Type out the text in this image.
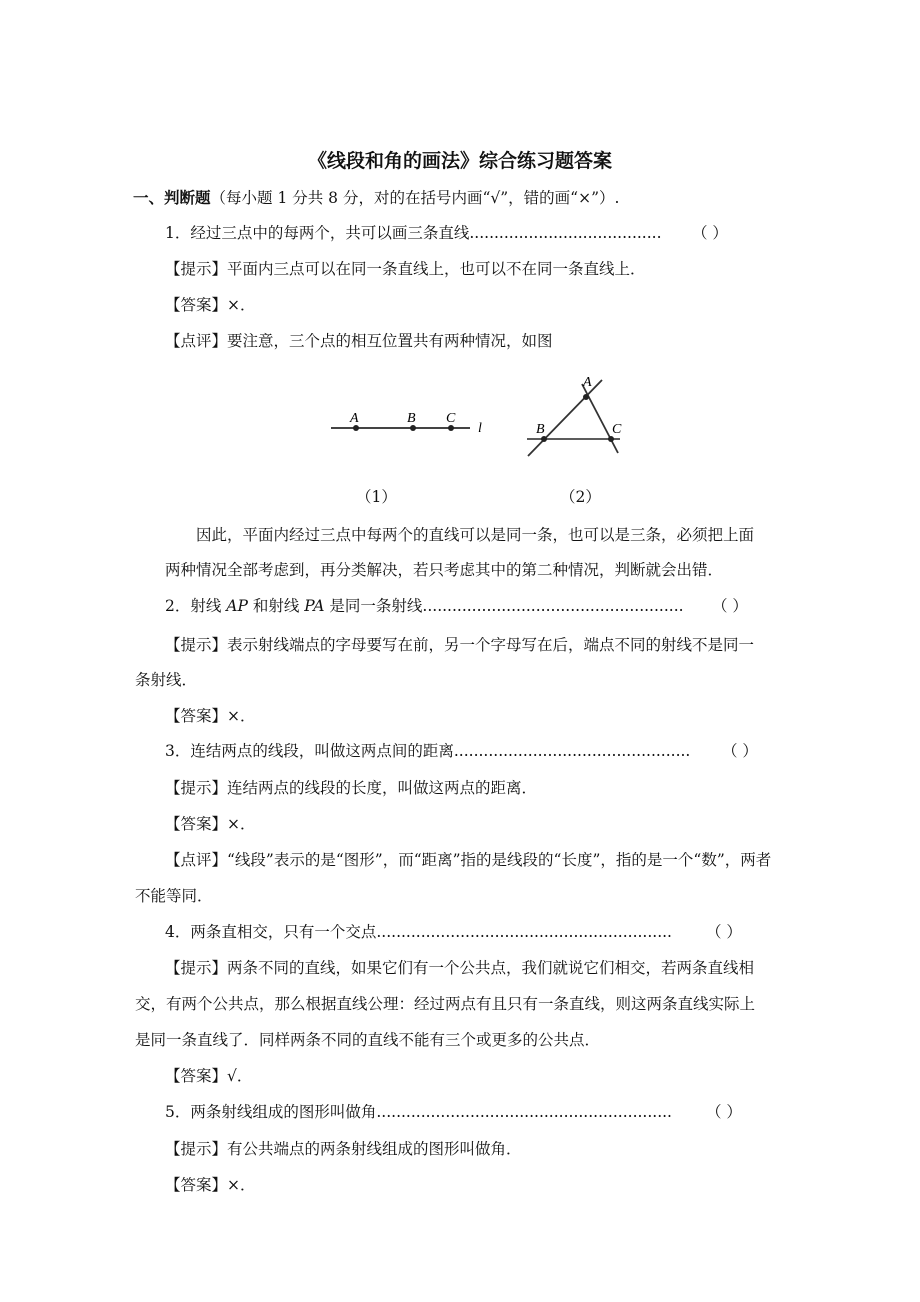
《线段和角的画法》综合练习题答案
一、判断题（每小题 1 分共 8 分，对的在括号内画“√”，错的画“×”）.
1．经过三点中的每两个，共可以画三条直线....................................... （ ）
【提示】平面内三点可以在同一条直线上，也可以不在同一条直线上．
【答案】×．
【点评】要注意，三个点的相互位置共有两种情况，如图
A	B C
l
A
B	C
（1）	（2）
因此，平面内经过三点中每两个的直线可以是同一条，也可以是三条，必须把上面
两种情况全部考虑到，再分类解决，若只考虑其中的第二种情况，判断就会出错．
2．射线 AP 和射线 PA 是同一条射线..................................................... （ ）
【提示】表示射线端点的字母要写在前，另一个字母写在后，端点不同的射线不是同一
条射线．
【答案】×．
3．连结两点的线段，叫做这两点间的距离................................................ （ ）
【提示】连结两点的线段的长度，叫做这两点的距离．
【答案】×．
【点评】“线段”表示的是“图形”，而“距离”指的是线段的“长度”，指的是一个“数”，两者
不能等同．
4．两条直相交，只有一个交点............................................................ （ ）
【提示】两条不同的直线，如果它们有一个公共点，我们就说它们相交，若两条直线相
交，有两个公共点，那么根据直线公理：经过两点有且只有一条直线，则这两条直线实际上
是同一条直线了．同样两条不同的直线不能有三个或更多的公共点．
【答案】√．
5．两条射线组成的图形叫做角............................................................ （ ）
【提示】有公共端点的两条射线组成的图形叫做角．
【答案】×．
